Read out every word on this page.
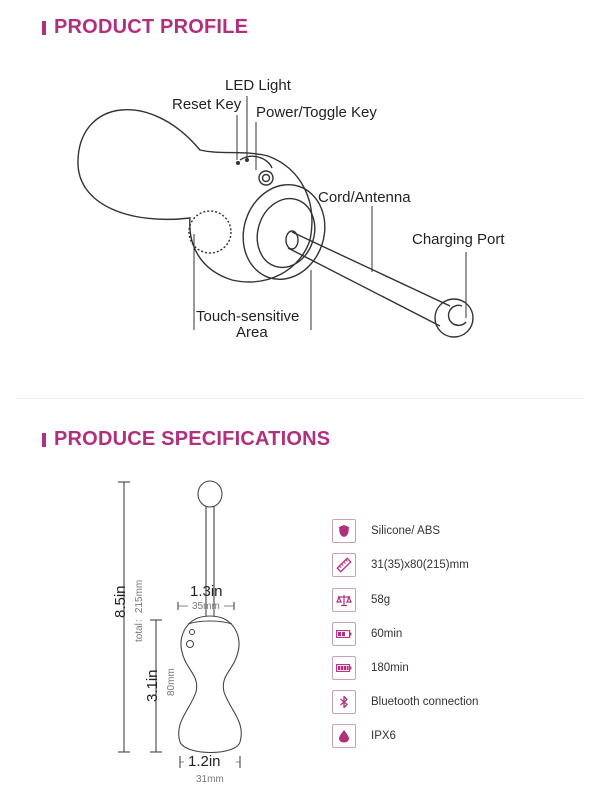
PRODUCT PROFILE
LED Light
Reset Key Power/Toggle Key
Cord/Antenna
Charging Port
Touch-sensitive
Area
PRODUCE SPECIFICATIONS
1.3in
35mm
1.2in
31mm
8.5in total：215mm
3.1in 80mm
Silicone/ ABS
31(35)x80(215)mm
58g
60min
180min
Bluetooth connection
IPX6
